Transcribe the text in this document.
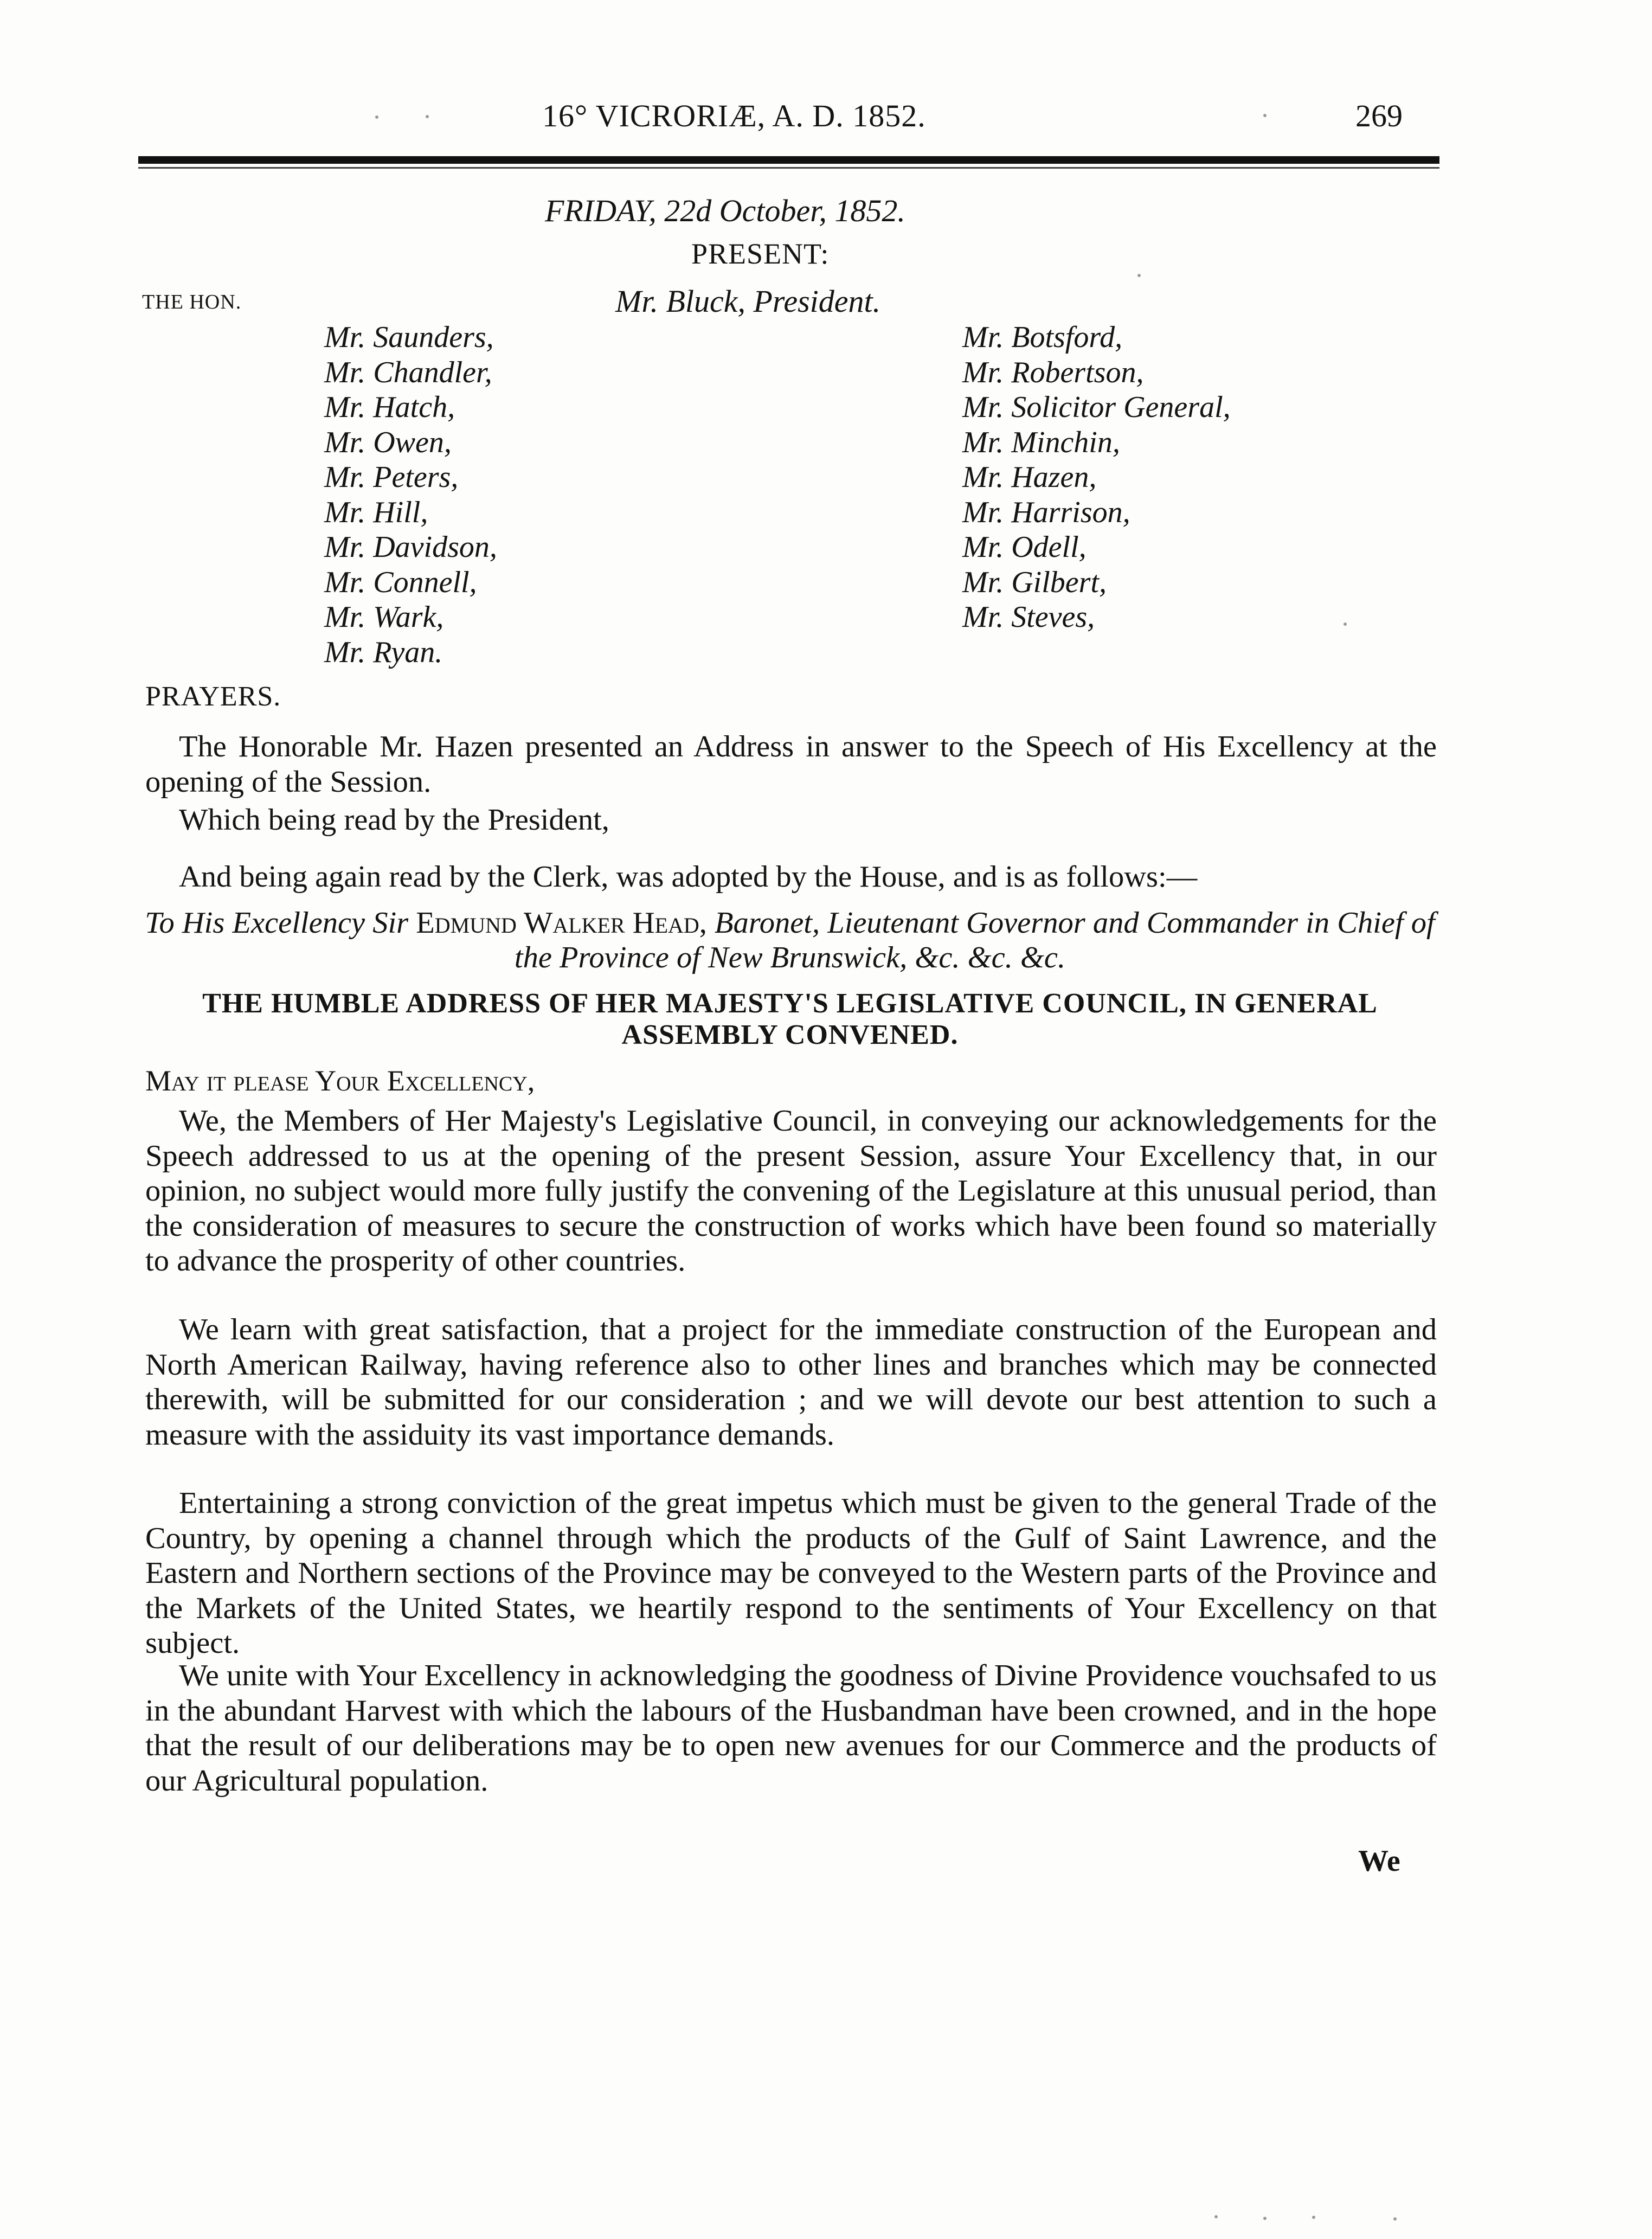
16° VICRORIÆ, A. D. 1852.	269
FRIDAY, 22d October, 1852.
PRESENT:
THE HON.	Mr. Bluck, President.
Mr. Saunders,
Mr. Chandler,
Mr. Hatch,
Mr. Owen,
Mr. Peters,
Mr. Hill,
Mr. Davidson,
Mr. Connell,
Mr. Wark,
Mr. Ryan.
Mr. Botsford,
Mr. Robertson,
Mr. Solicitor General,
Mr. Minchin,
Mr. Hazen,
Mr. Harrison,
Mr. Odell,
Mr. Gilbert,
Mr. Steves,
PRAYERS.
The Honorable Mr. Hazen presented an Address in answer to the Speech of His Excellency at the opening of the Session.
Which being read by the President,
And being again read by the Clerk, was adopted by the House, and is as follows:—
To His Excellency Sir Edmund Walker Head, Baronet, Lieutenant Governor and Commander in Chief of the Province of New Brunswick, &c. &c. &c.
THE HUMBLE ADDRESS OF HER MAJESTY'S LEGISLATIVE COUNCIL, IN GENERAL ASSEMBLY CONVENED.
May it please Your Excellency,
We, the Members of Her Majesty's Legislative Council, in conveying our acknowledgements for the Speech addressed to us at the opening of the present Session, assure Your Excellency that, in our opinion, no subject would more fully justify the convening of the Legislature at this unusual period, than the consideration of measures to secure the construction of works which have been found so materially to advance the prosperity of other countries.
We learn with great satisfaction, that a project for the immediate construction of the European and North American Railway, having reference also to other lines and branches which may be connected therewith, will be submitted for our consideration ; and we will devote our best attention to such a measure with the assiduity its vast importance demands.
Entertaining a strong conviction of the great impetus which must be given to the general Trade of the Country, by opening a channel through which the products of the Gulf of Saint Lawrence, and the Eastern and Northern sections of the Province may be conveyed to the Western parts of the Province and the Markets of the United States, we heartily respond to the sentiments of Your Excellency on that subject.
We unite with Your Excellency in acknowledging the goodness of Divine Providence vouchsafed to us in the abundant Harvest with which the labours of the Husbandman have been crowned, and in the hope that the result of our deliberations may be to open new avenues for our Commerce and the products of our Agricultural population.
We
